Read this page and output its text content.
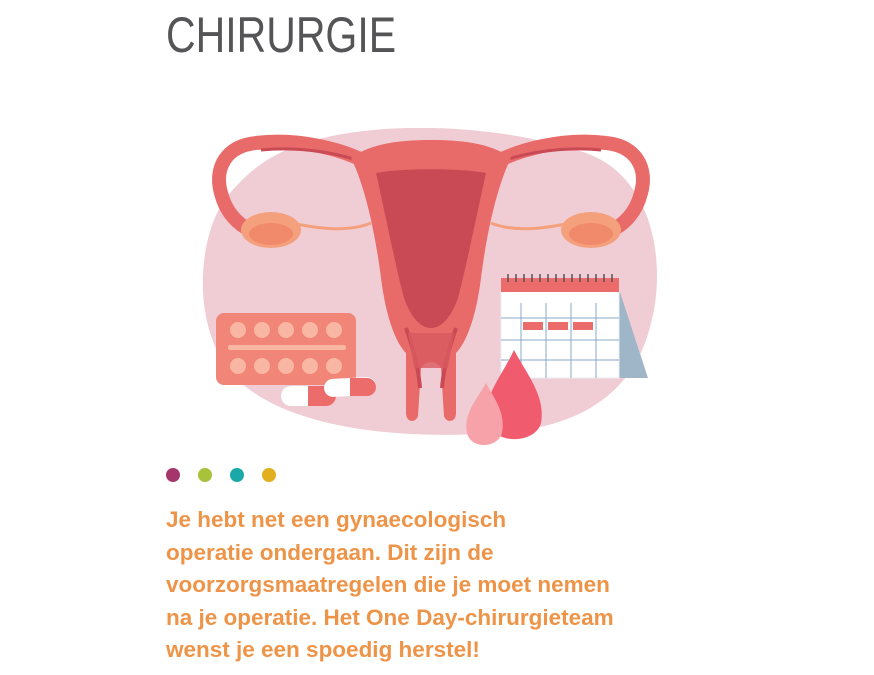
CHIRURGIE

Je hebt net een gynaecologisch
operatie ondergaan. Dit zijn de
voorzorgsmaatregelen die je moet nemen
na je operatie. Het One Day-chirurgieteam
wenst je een spoedig herstel!
